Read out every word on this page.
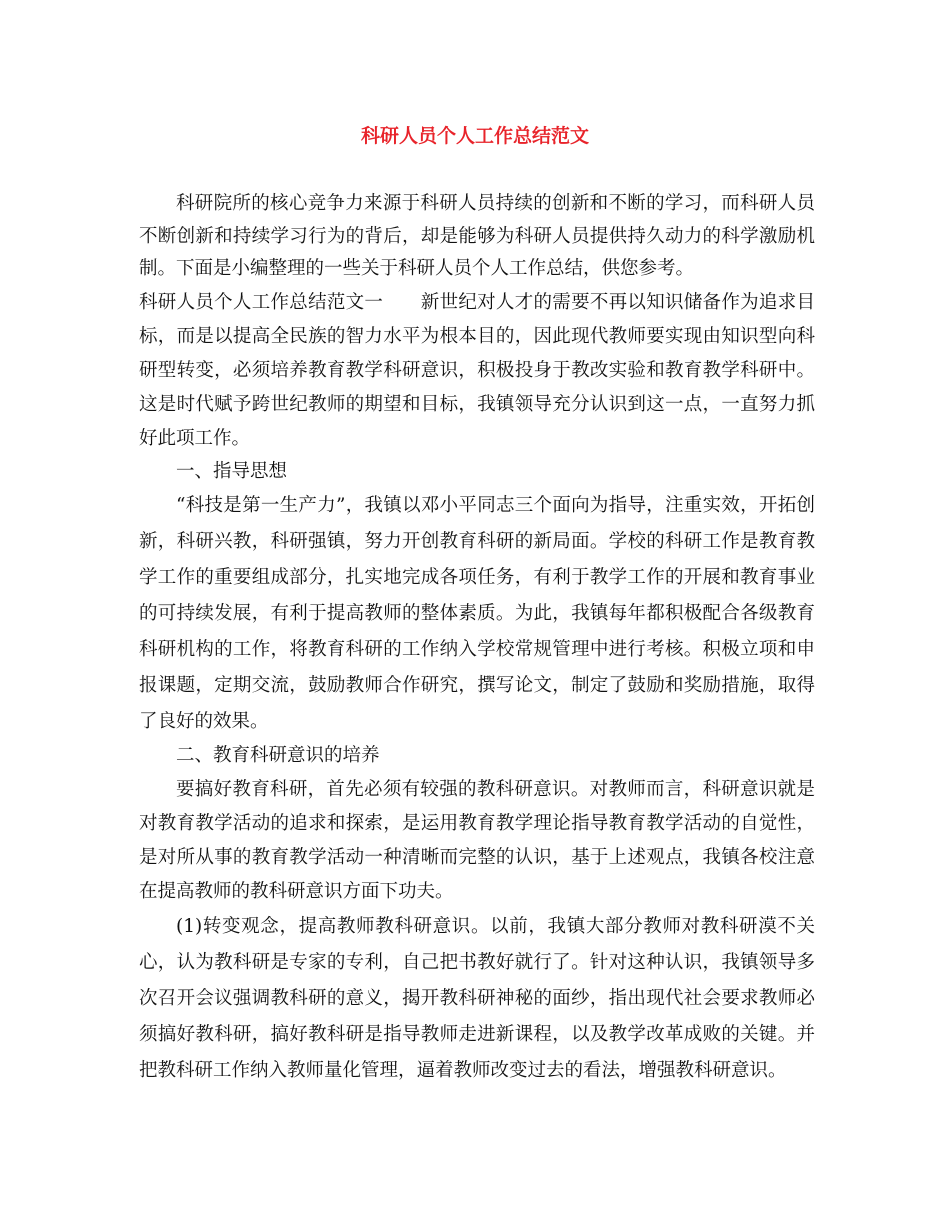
科研人员个人工作总结范文

科研院所的核心竞争力来源于科研人员持续的创新和不断的学习，而科研人员不断创新和持续学习行为的背后，却是能够为科研人员提供持久动力的科学激励机制。下面是小编整理的一些关于科研人员个人工作总结，供您参考。

科研人员个人工作总结范文一　　新世纪对人才的需要不再以知识储备作为追求目标，而是以提高全民族的智力水平为根本目的，因此现代教师要实现由知识型向科研型转变，必须培养教育教学科研意识，积极投身于教改实验和教育教学科研中。这是时代赋予跨世纪教师的期望和目标，我镇领导充分认识到这一点，一直努力抓好此项工作。

一、指导思想

“科技是第一生产力”，我镇以邓小平同志三个面向为指导，注重实效，开拓创新，科研兴教，科研强镇，努力开创教育科研的新局面。学校的科研工作是教育教学工作的重要组成部分，扎实地完成各项任务，有利于教学工作的开展和教育事业的可持续发展，有利于提高教师的整体素质。为此，我镇每年都积极配合各级教育科研机构的工作，将教育科研的工作纳入学校常规管理中进行考核。积极立项和申报课题，定期交流，鼓励教师合作研究，撰写论文，制定了鼓励和奖励措施，取得了良好的效果。

二、教育科研意识的培养

要搞好教育科研，首先必须有较强的教科研意识。对教师而言，科研意识就是对教育教学活动的追求和探索，是运用教育教学理论指导教育教学活动的自觉性，是对所从事的教育教学活动一种清晰而完整的认识，基于上述观点，我镇各校注意在提高教师的教科研意识方面下功夫。

(1)转变观念，提高教师教科研意识。以前，我镇大部分教师对教科研漠不关心，认为教科研是专家的专利，自己把书教好就行了。针对这种认识，我镇领导多次召开会议强调教科研的意义，揭开教科研神秘的面纱，指出现代社会要求教师必须搞好教科研，搞好教科研是指导教师走进新课程，以及教学改革成败的关键。并把教科研工作纳入教师量化管理，逼着教师改变过去的看法，增强教科研意识。
